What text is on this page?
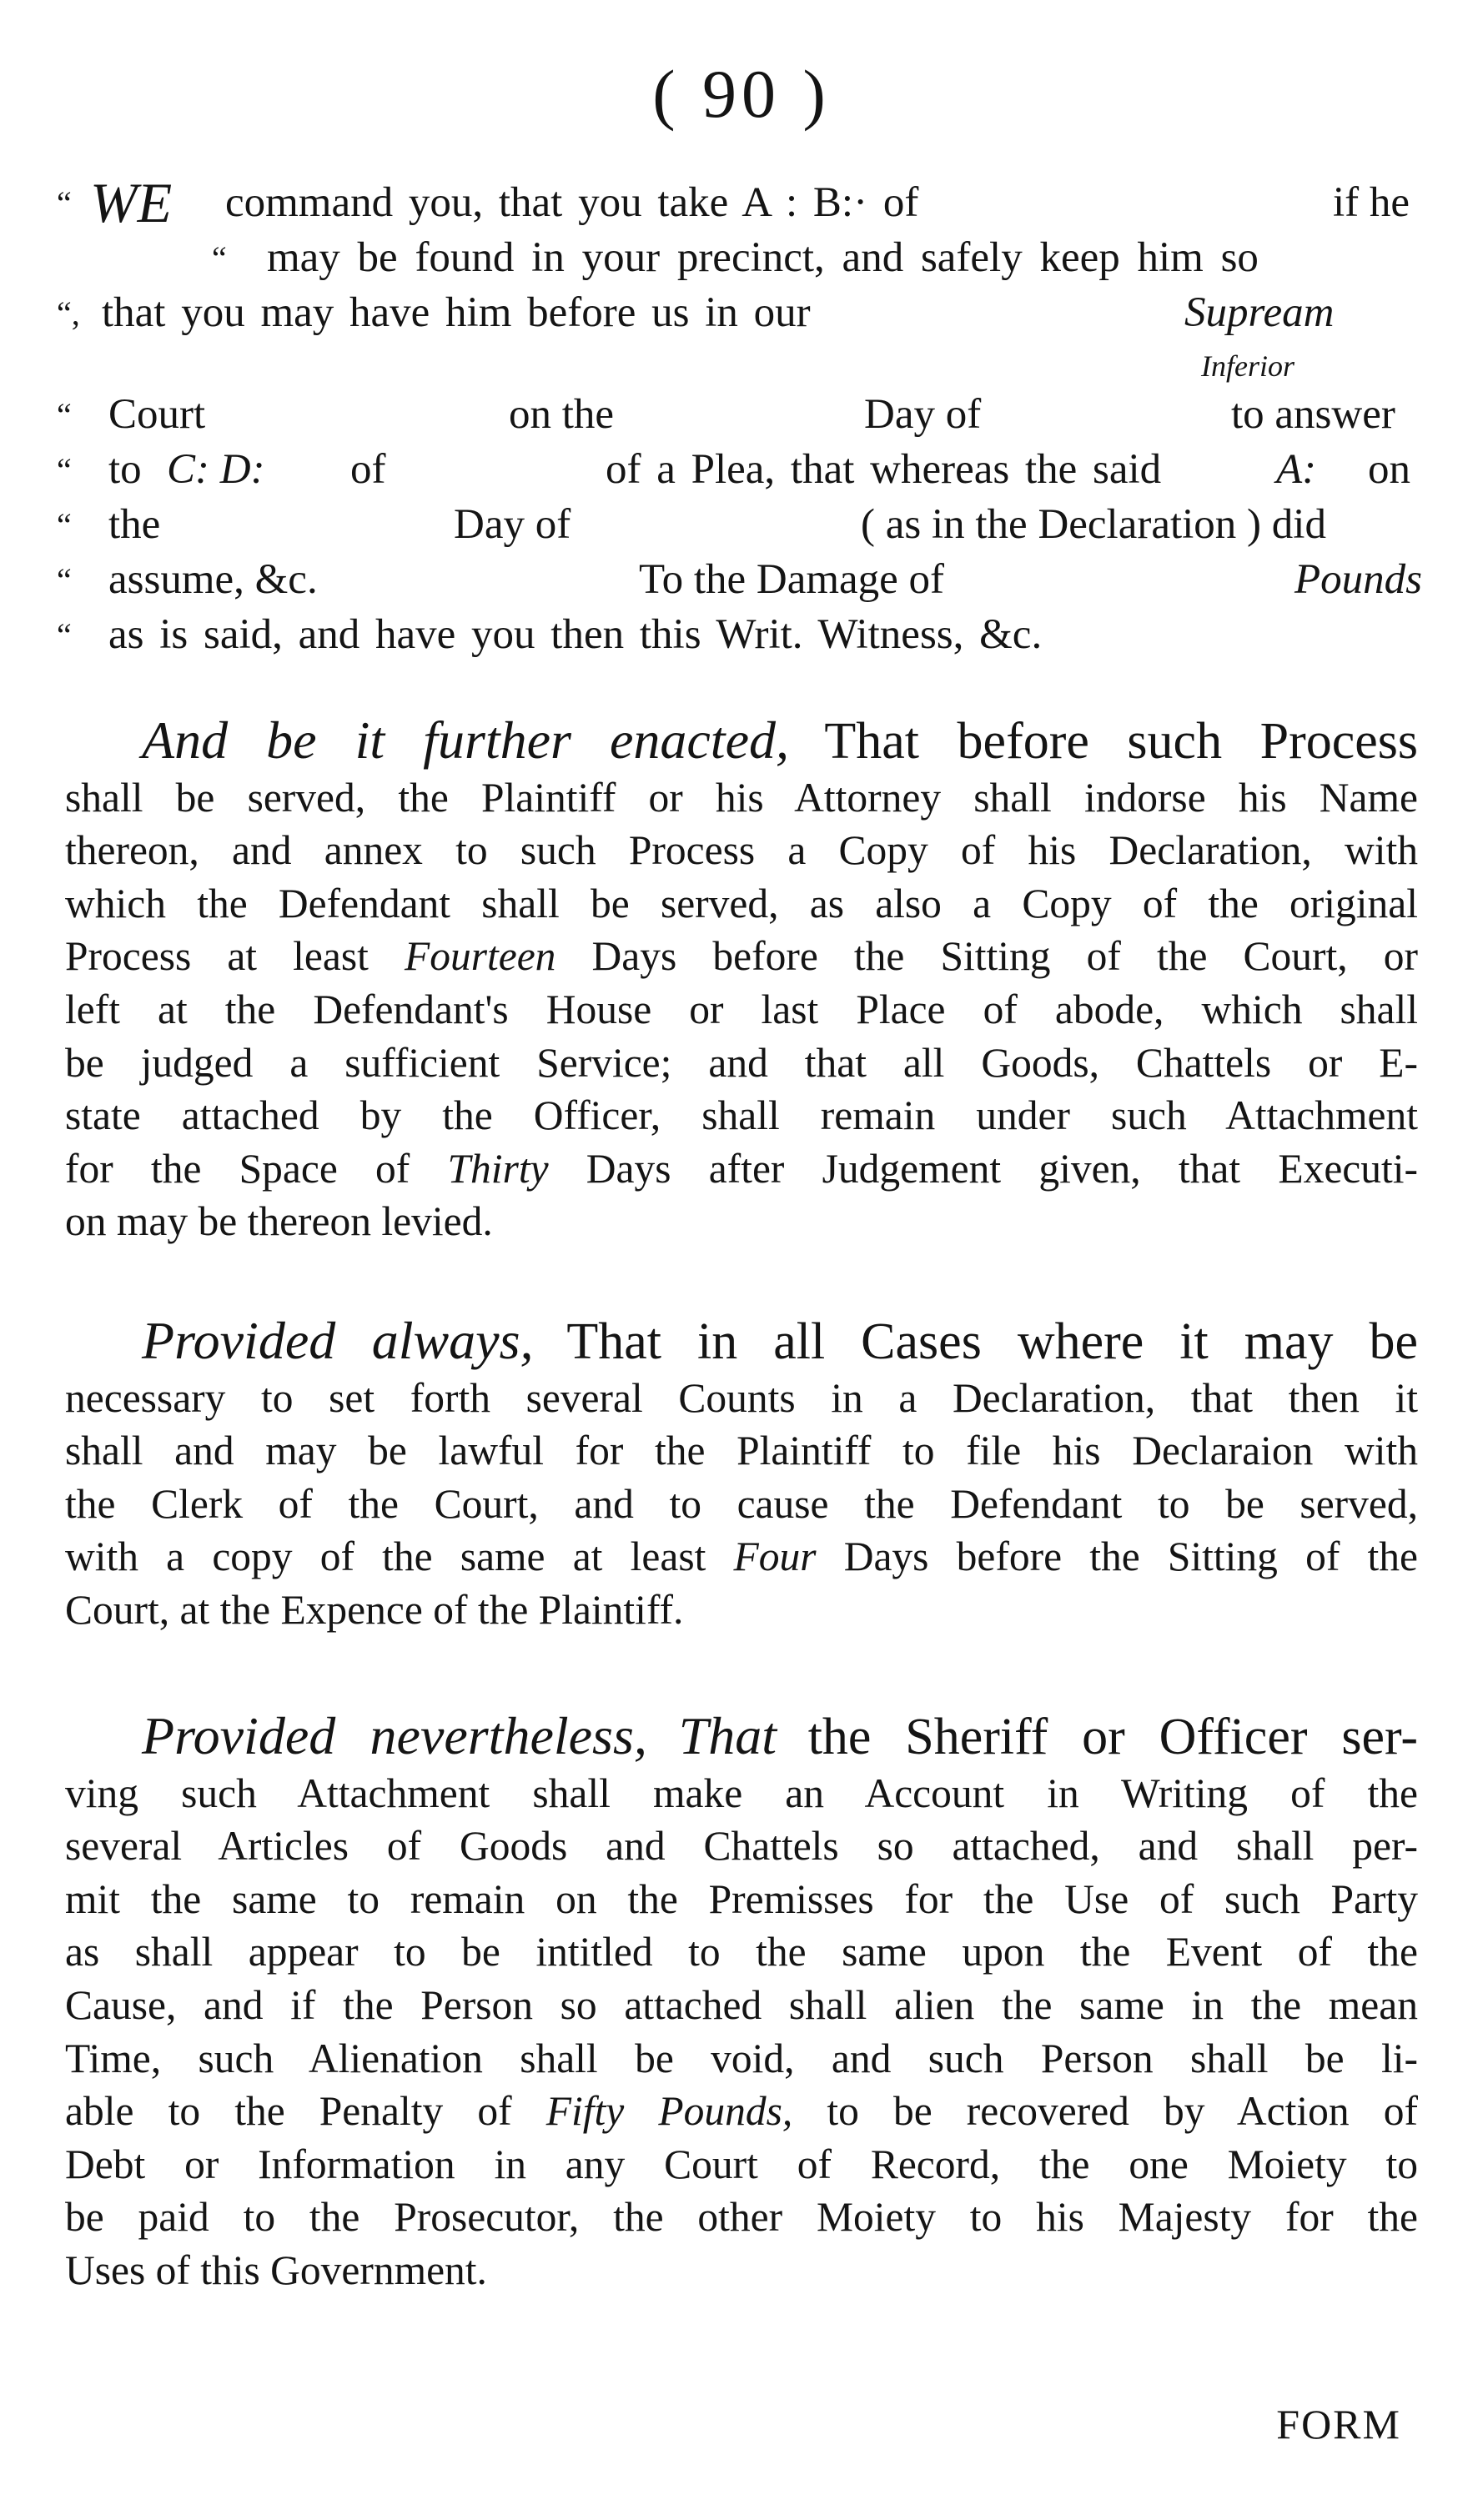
( 90 )
“ WE command you, that you take A : B:· of	if he
“ may be found in your precinct, and safely keep him so
“, that you may have him before us in our	Supream
Inferior
“ Court	on the	Day of	to answer
“ to C: D: of	of a Plea, that whereas the said	A: on
“ the	Day of	( as in the Declaration ) did
“ assume, &c.	To the Damage of	Pounds
“ as is said, and have you then this Writ. Witness, &c.
And be it further enacted, That before such Process
shall be served, the Plaintiff or his Attorney shall indorse his Name
thereon, and annex to such Process a Copy of his Declaration, with
which the Defendant shall be served, as also a Copy of the original
Process at least Fourteen Days before the Sitting of the Court, or
left at the Defendant's House or last Place of abode, which shall
be judged a sufficient Service; and that all Goods, Chattels or E-
state attached by the Officer, shall remain under such Attachment
for the Space of Thirty Days after Judgement given, that Executi-
on may be thereon levied.
Provided always, That in all Cases where it may be
necessary to set forth several Counts in a Declaration, that then it
shall and may be lawful for the Plaintiff to file his Declaraion with
the Clerk of the Court, and to cause the Defendant to be served,
with a copy of the same at least Four Days before the Sitting of the
Court, at the Expence of the Plaintiff.
Provided nevertheless, That the Sheriff or Officer ser-
ving such Attachment shall make an Account in Writing of the
several Articles of Goods and Chattels so attached, and shall per-
mit the same to remain on the Premisses for the Use of such Party
as shall appear to be intitled to the same upon the Event of the
Cause, and if the Person so attached shall alien the same in the mean
Time, such Alienation shall be void, and such Person shall be li-
able to the Penalty of Fifty Pounds, to be recovered by Action of
Debt or Information in any Court of Record, the one Moiety to
be paid to the Prosecutor, the other Moiety to his Majesty for the
Uses of this Government.
FORM
